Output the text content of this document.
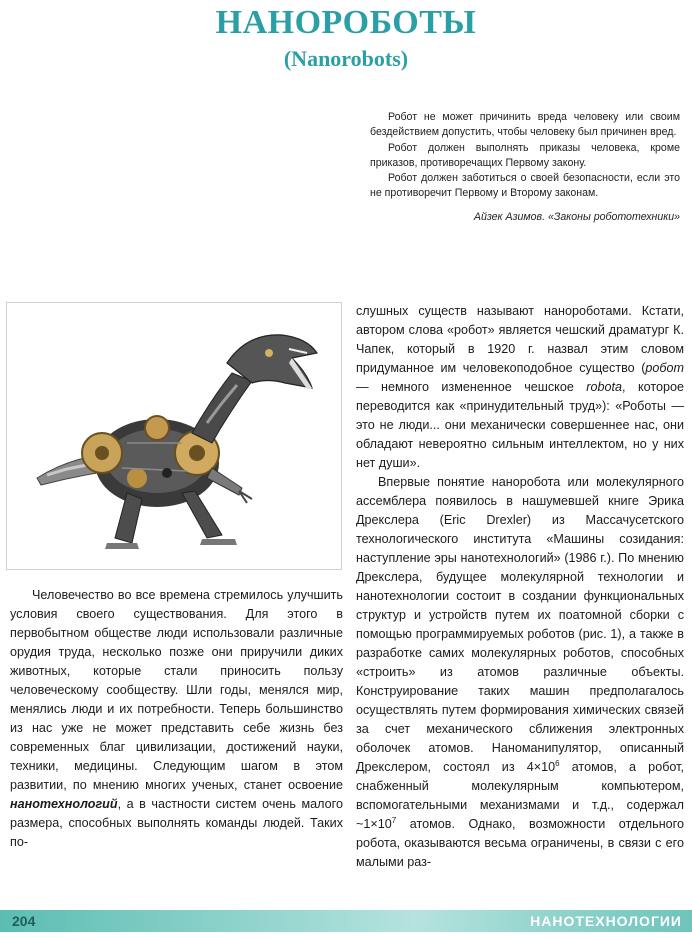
НАНОРОБОТЫ
(Nanorobots)

Робот не может причинить вреда человеку или своим бездействием допустить, чтобы человеку был причинен вред.

Робот должен выполнять приказы человека, кроме приказов, противоречащих Первому закону.

Робот должен заботиться о своей безопасности, если это не противоречит Первому и Второму законам.

Айзек Азимов. «Законы робототехники»

Человечество во все времена стремилось улучшить условия своего существования. Для этого в первобытном обществе люди использовали различные орудия труда, несколько позже они приручили диких животных, которые стали приносить пользу человеческому сообществу. Шли годы, менялся мир, менялись люди и их потребности. Теперь большинство из нас уже не может представить себе жизнь без современных благ цивилизации, достижений науки, техники, медицины. Следующим шагом в этом развитии, по мнению многих ученых, станет освоение нанотехнологий, а в частности систем очень малого размера, способных выполнять команды людей. Таких по-

слушных существ называют нанороботами. Кстати, автором слова «робот» является чешский драматург К. Чапек, который в 1920 г. назвал этим словом придуманное им человекоподобное существо (робот — немного измененное чешское robota, которое переводится как «принудительный труд»): «Роботы — это не люди... они механически совершеннее нас, они обладают невероятно сильным интеллектом, но у них нет души».

Впервые понятие наноробота или молекулярного ассемблера появилось в нашумевшей книге Эрика Дрекслера (Eric Drexler) из Массачусетского технологического института «Машины созидания: наступление эры нанотехнологий» (1986 г.). По мнению Дрекслера, будущее молекулярной технологии и нанотехнологии состоит в создании функциональных структур и устройств путем их поатомной сборки с помощью программируемых роботов (рис. 1), а также в разработке самих молекулярных роботов, способных «строить» из атомов различные объекты. Конструирование таких машин предполагалось осуществлять путем формирования химических связей за счет механического сближения электронных оболочек атомов. Наноманипулятор, описанный Дрекслером, состоял из $4\times 10^6$ атомов, а робот, снабженный молекулярным компьютером, вспомогательными механизмами и т.д., содержал $\sim 1\times 10^7$ атомов. Однако, возможности отдельного робота, оказываются весьма ограничены, в связи с его малыми раз-

204	НАНОТЕХНОЛОГИИ
